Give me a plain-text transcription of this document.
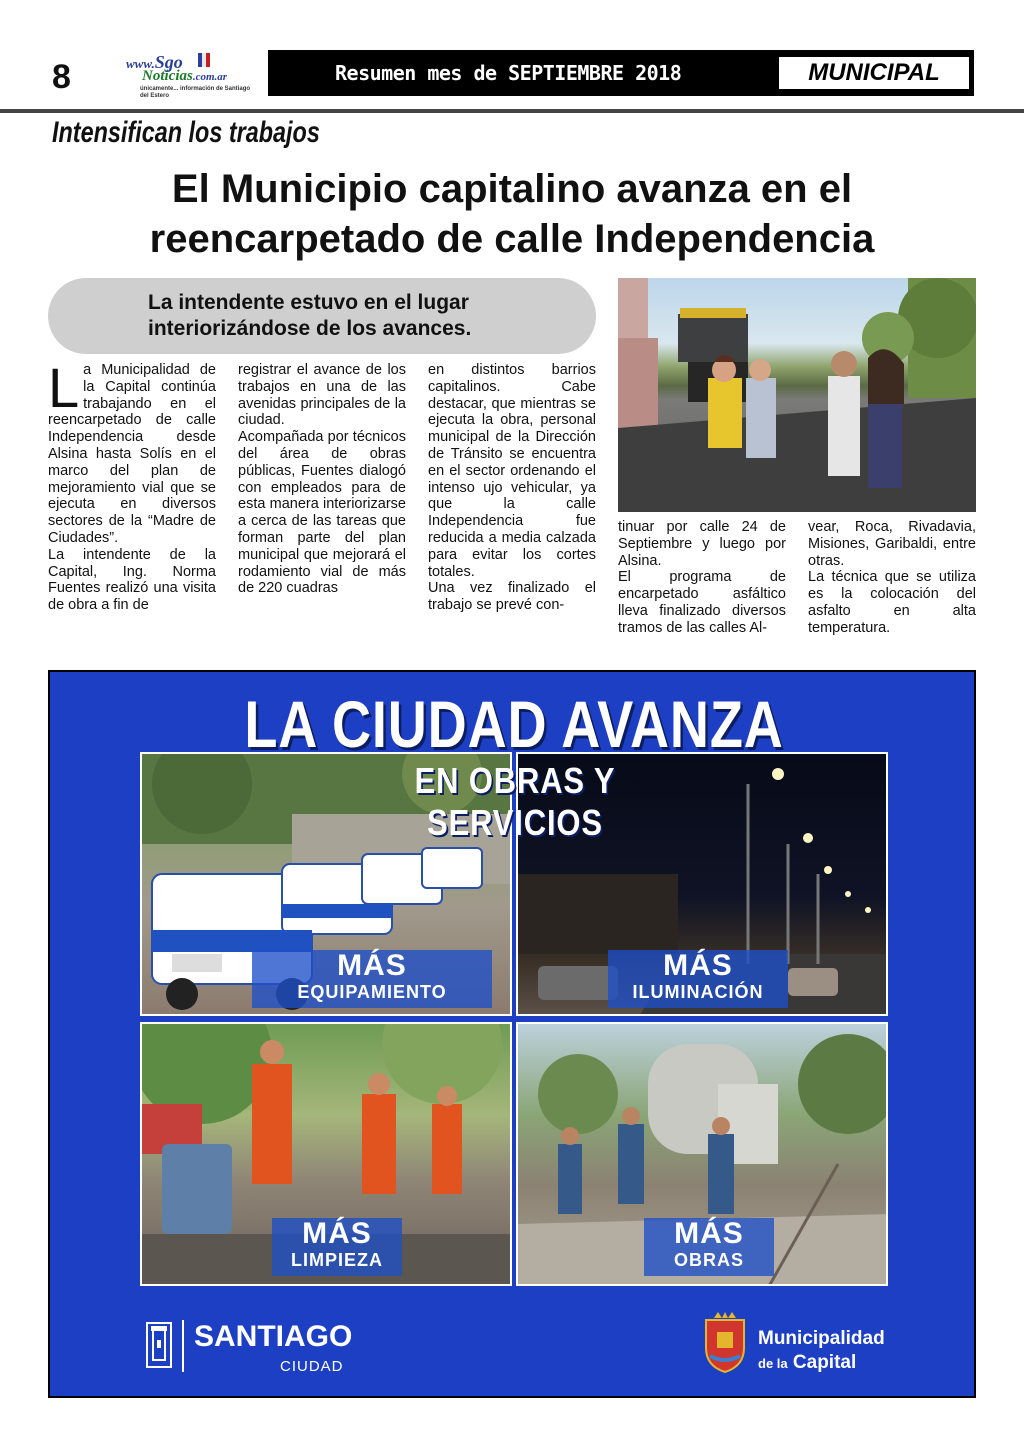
8	www.Sgo
Noticias.com.ar
únicamente... información de Santiago del Estero
Resumen mes de SEPTIEMBRE 2018	MUNICIPAL
Intensifican los trabajos
El Municipio capitalino avanza en el reencarpetado de calle Independencia
La intendente estuvo en el lugar interiorizándose de los avances.
L a Municipalidad de la Capital continúa trabajando en el reencarpetado de calle Independencia desde Alsina hasta Solís en el marco del plan de mejoramiento vial que se ejecuta en diversos sectores de la “Madre de Ciudades”.

La intendente de la Capital, Ing. Norma Fuentes realizó una visita de obra a fin de

registrar el avance de los trabajos en una de las avenidas principales de la ciudad.

Acompañada por técnicos del área de obras públicas, Fuentes dialogó con empleados para de esta manera interiorizarse a cerca de las tareas que forman parte del plan municipal que mejorará el rodamiento vial de más de 220 cuadras

en distintos barrios capitalinos. Cabe destacar, que mientras se ejecuta la obra, personal municipal de la Dirección de Tránsito se encuentra en el sector ordenando el intenso ujo vehicular, ya que la calle Independencia fue reducida a media calzada para evitar los cortes totales.

Una vez finalizado el trabajo se prevé con-

tinuar por calle 24 de Septiembre y luego por Alsina.

El programa de encarpetado asfáltico lleva finalizado diversos tramos de las calles Al-

vear, Roca, Rivadavia, Misiones, Garibaldi, entre otras.

La técnica que se utiliza es la colocación del asfalto en alta temperatura.

MÁS
EQUIPAMIENTO
MÁS
ILUMINACIÓN
MÁS
LIMPIEZA
MÁS
OBRAS
LA CIUDAD AVANZA
EN OBRAS Y SERVICIOS
SANTIAGO
CIUDAD
Municipalidad
de la Capital
